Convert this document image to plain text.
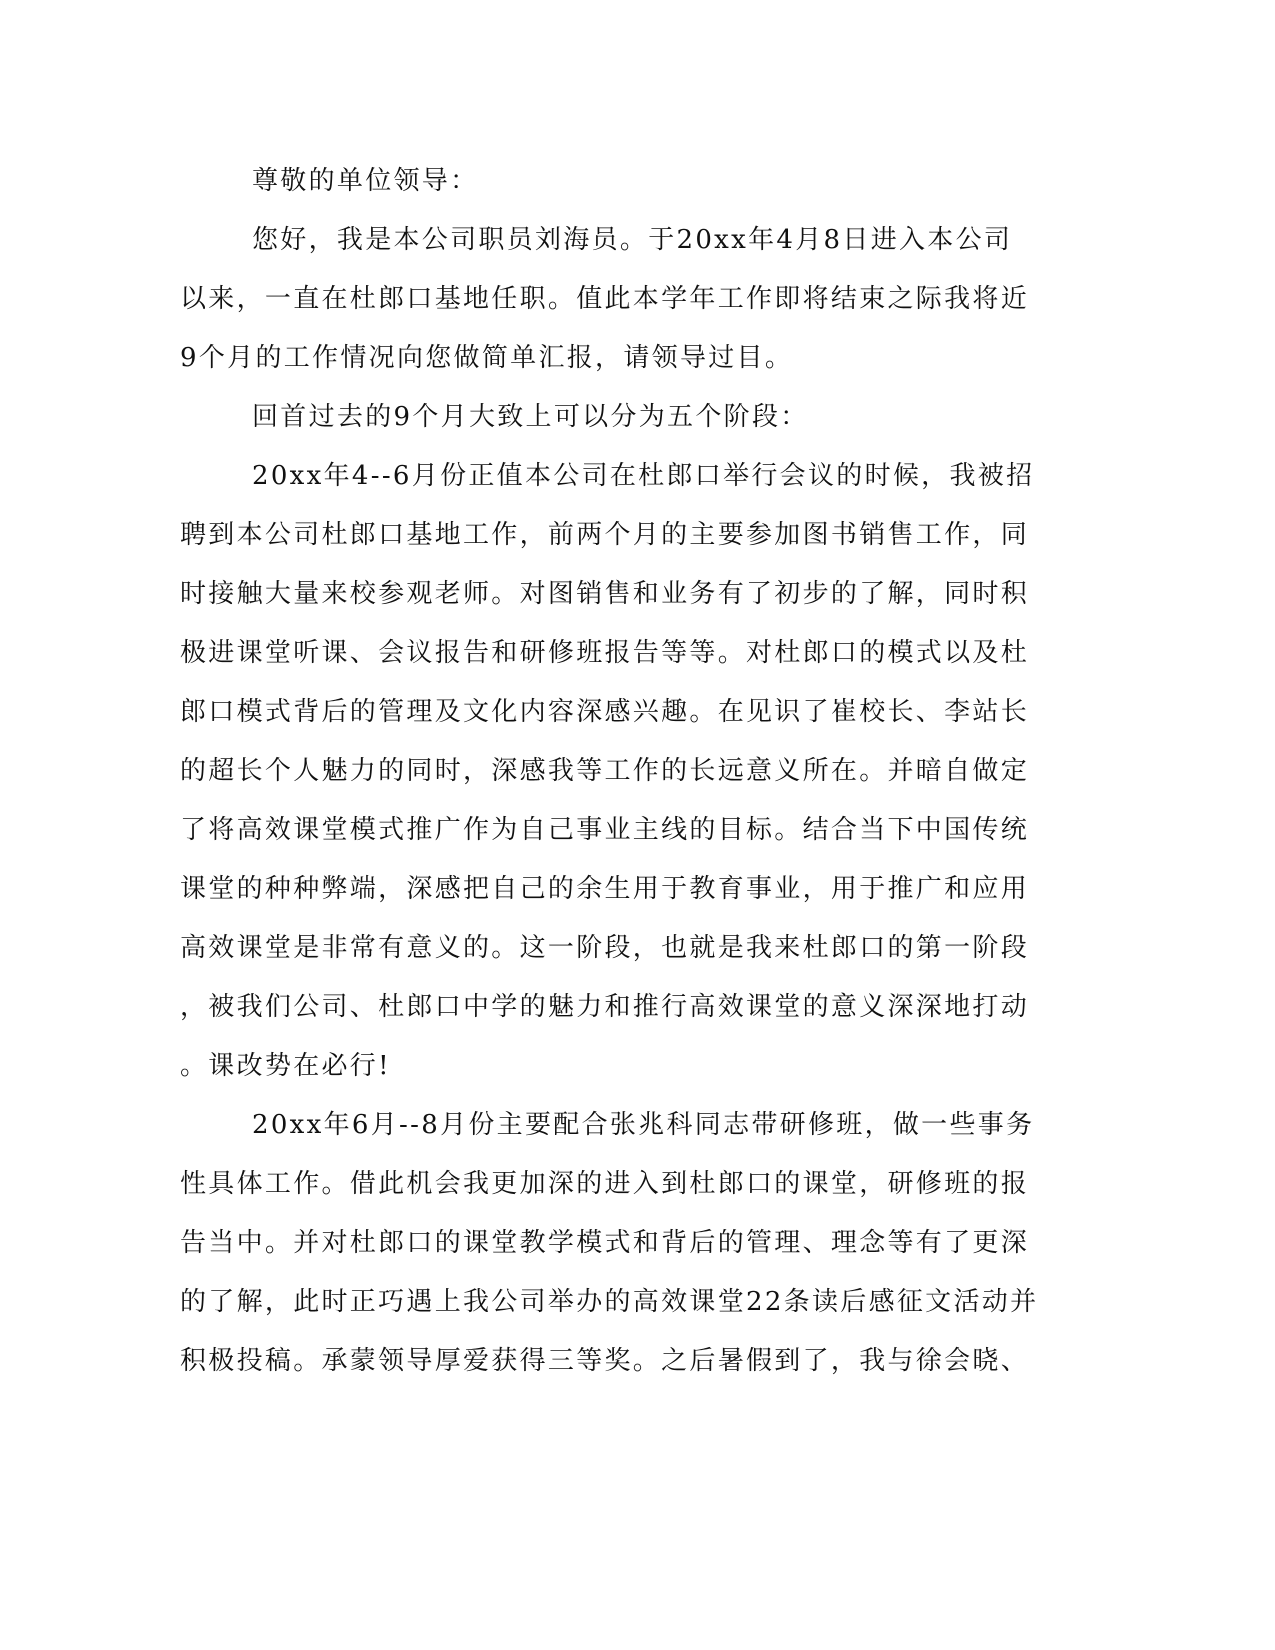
尊敬的单位领导：

您好，我是本公司职员刘海员。于20xx年4月8日进入本公司

以来，一直在杜郎口基地任职。值此本学年工作即将结束之际我将近

9个月的工作情况向您做简单汇报，请领导过目。

回首过去的9个月大致上可以分为五个阶段：

20xx年4--6月份正值本公司在杜郎口举行会议的时候，我被招

聘到本公司杜郎口基地工作，前两个月的主要参加图书销售工作，同

时接触大量来校参观老师。对图销售和业务有了初步的了解，同时积

极进课堂听课、会议报告和研修班报告等等。对杜郎口的模式以及杜

郎口模式背后的管理及文化内容深感兴趣。在见识了崔校长、李站长

的超长个人魅力的同时，深感我等工作的长远意义所在。并暗自做定

了将高效课堂模式推广作为自己事业主线的目标。结合当下中国传统

课堂的种种弊端，深感把自己的余生用于教育事业，用于推广和应用

高效课堂是非常有意义的。这一阶段，也就是我来杜郎口的第一阶段

，被我们公司、杜郎口中学的魅力和推行高效课堂的意义深深地打动

。课改势在必行!

20xx年6月--8月份主要配合张兆科同志带研修班，做一些事务

性具体工作。借此机会我更加深的进入到杜郎口的课堂，研修班的报

告当中。并对杜郎口的课堂教学模式和背后的管理、理念等有了更深

的了解，此时正巧遇上我公司举办的高效课堂22条读后感征文活动并

积极投稿。承蒙领导厚爱获得三等奖。之后暑假到了，我与徐会晓、
